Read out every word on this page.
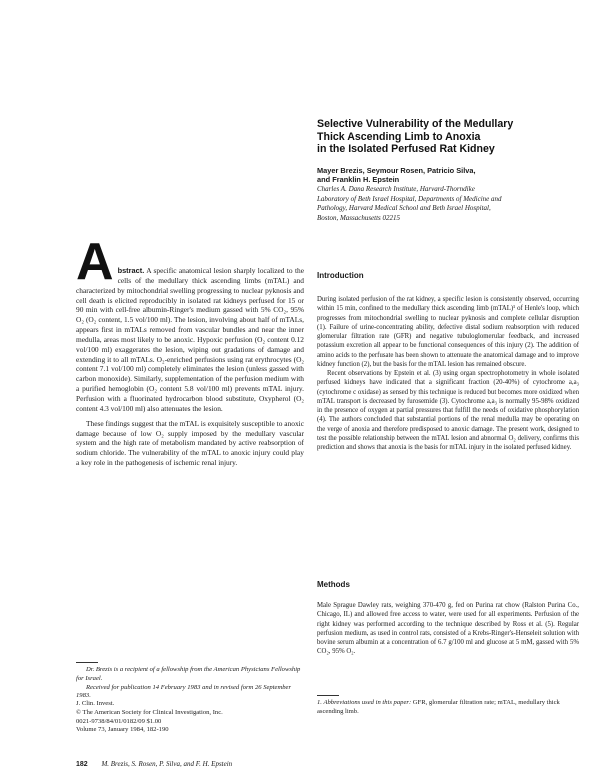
Selective Vulnerability of the Medullary
Thick Ascending Limb to Anoxia
in the Isolated Perfused Rat Kidney
Mayer Brezis, Seymour Rosen, Patricio Silva,
and Franklin H. Epstein
Charles A. Dana Research Institute, Harvard-Thorndike
Laboratory of Beth Israel Hospital, Departments of Medicine and
Pathology, Harvard Medical School and Beth Israel Hospital,
Boston, Massachusetts 02215
A bstract. A specific anatomical lesion sharply localized to the cells of the medullary thick ascending limbs (mTAL) and characterized by mitochondrial swelling progressing to nuclear pyknosis and cell death is elicited reproducibly in isolated rat kidneys perfused for 15 or 90 min with cell-free albumin-Ringer's medium gassed with 5% CO₂, 95% O₂ (O₂ content, 1.5 vol/100 ml). The lesion, involving about half of mTALs, appears first in mTALs removed from vascular bundles and near the inner medulla, areas most likely to be anoxic. Hypoxic perfusion (O₂ content 0.12 vol/100 ml) exaggerates the lesion, wiping out gradations of damage and extending it to all mTALs. O₂-enriched perfusions using rat erythrocytes (O₂ content 7.1 vol/100 ml) completely eliminates the lesion (unless gassed with carbon monoxide). Similarly, supplementation of the perfusion medium with a purified hemoglobin (O₂ content 5.8 vol/100 ml) prevents mTAL injury. Perfusion with a fluorinated hydrocarbon blood substitute, Oxypherol (O₂ content 4.3 vol/100 ml) also attenuates the lesion.

These findings suggest that the mTAL is exquisitely susceptible to anoxic damage because of low O₂ supply imposed by the medullary vascular system and the high rate of metabolism mandated by active reabsorption of sodium chloride. The vulnerability of the mTAL to anoxic injury could play a key role in the pathogenesis of ischemic renal injury.

Dr. Brezis is a recipient of a fellowship from the American Physicians Fellowship for Israel.

Received for publication 14 February 1983 and in revised form 26 September 1983.

J. Clin. Invest.
© The American Society for Clinical Investigation, Inc.
0021-9738/84/01/0182/09 $1.00
Volume 73, January 1984, 182-190
Introduction

During isolated perfusion of the rat kidney, a specific lesion is consistently observed, occurring within 15 min, confined to the medullary thick ascending limb (mTAL)¹ of Henle's loop, which progresses from mitochondrial swelling to nuclear pyknosis and complete cellular disruption (1). Failure of urine-concentrating ability, defective distal sodium reabsorption with reduced glomerular filtration rate (GFR) and negative tubuloglomerular feedback, and increased potassium excretion all appear to be functional consequences of this injury (2). The addition of amino acids to the perfusate has been shown to attenuate the anatomical damage and to improve kidney function (2), but the basis for the mTAL lesion has remained obscure.

Recent observations by Epstein et al. (3) using organ spectrophotometry in whole isolated perfused kidneys have indicated that a significant fraction (20-40%) of cytochrome a,a₃ (cytochrome c oxidase) as sensed by this technique is reduced but becomes more oxidized when mTAL transport is decreased by furosemide (3). Cytochrome a,a₃ is normally 95-98% oxidized in the presence of oxygen at partial pressures that fulfill the needs of oxidative phosphorylation (4). The authors concluded that substantial portions of the renal medulla may be operating on the verge of anoxia and therefore predisposed to anoxic damage. The present work, designed to test the possible relationship between the mTAL lesion and abnormal O₂ delivery, confirms this prediction and shows that anoxia is the basis for mTAL injury in the isolated perfused kidney.

Methods

Male Sprague Dawley rats, weighing 370-470 g, fed on Purina rat chow (Ralston Purina Co., Chicago, IL) and allowed free access to water, were used for all experiments. Perfusion of the right kidney was performed according to the technique described by Ross et al. (5). Regular perfusion medium, as used in control rats, consisted of a Krebs-Ringer's-Henseleit solution with bovine serum albumin at a concentration of 6.7 g/100 ml and glucose at 5 mM, gassed with 5% CO₂, 95% O₂.

1. Abbreviations used in this paper: GFR, glomerular filtration rate; mTAL, medullary thick ascending limb.
182 M. Brezis, S. Rosen, P. Silva, and F. H. Epstein
